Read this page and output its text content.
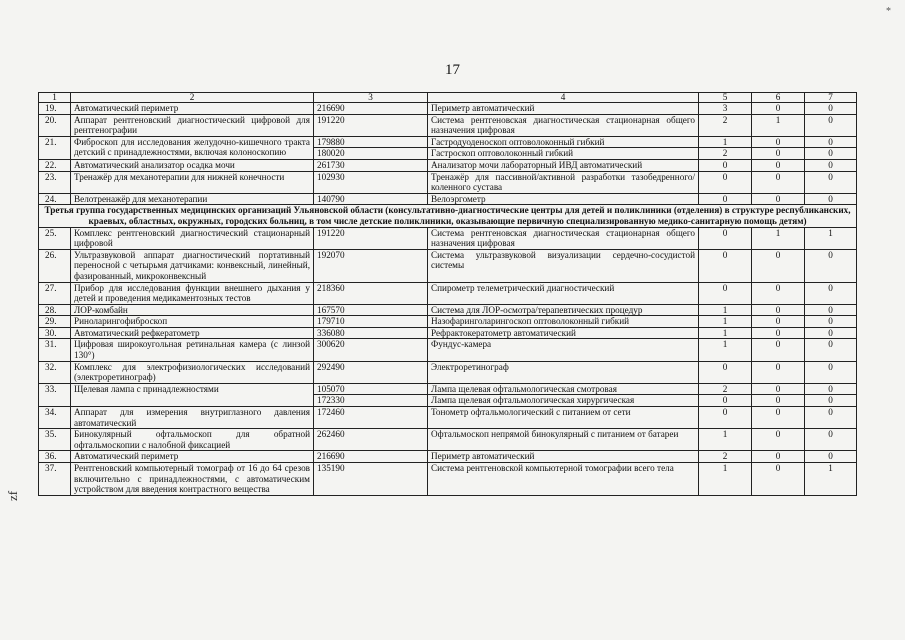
*
17
zf
1	2	3	4	5	6	7
19.	Автоматический периметр	216690	Периметр автоматический	3	0	0
20.	Аппарат рентгеновский диагностический цифровой для рентгенографии	191220	Система рентгеновская диагностическая стационарная общего назначения цифровая	2	1	0
21.	Фиброскоп для исследования желудочно-кишечного тракта детский с принадлежностями, включая колоноскопию	179880	Гастродуоденоскоп оптоволоконный гибкий	1	0	0
		180020	Гастроскоп оптоволоконный гибкий	2	0	0
22.	Автоматический анализатор осадка мочи	261730	Анализатор мочи лабораторный ИВД автоматический	0	0	0
23.	Тренажёр для механотерапии для нижней конечности	102930	Тренажёр для пассивной/активной разработки тазобедренного/коленного сустава	0	0	0
24.	Велотренажёр для механотерапии	140790	Велоэргометр	0	0	0
Третья группа государственных медицинских организаций Ульяновской области (консультативно-диагностические центры для детей и поликлиники (отделения) в структуре республиканских, краевых, областных, окружных, городских больниц, в том числе детские поликлиники, оказывающие первичную специализированную медико-санитарную помощь детям)						
25.	Комплекс рентгеновский диагностический стационарный цифровой	191220	Система рентгеновская диагностическая стационарная общего назначения цифровая	0	1	1
26.	Ультразвуковой аппарат диагностический портативный переносной с четырьмя датчиками: конвексный, линейный, фазированный, микроконвексный	192070	Система ультразвуковой визуализации сердечно-сосудистой системы	0	0	0
27.	Прибор для исследования функции внешнего дыхания у детей и проведения медикаментозных тестов	218360	Спирометр телеметрический диагностический	0	0	0
28.	ЛОР-комбайн	167570	Система для ЛОР-осмотра/терапевтических процедур	1	0	0
29.	Риноларингофиброскоп	179710	Назофаринголарингоскоп оптоволоконный гибкий	1	0	0
30.	Автоматический рефкератометр	336080	Рефрактокератометр автоматический	1	0	0
31.	Цифровая широкоугольная ретинальная камера (с линзой 130°)	300620	Фундус-камера	1	0	0
32.	Комплекс для электрофизиологических исследований (электроретинограф)	292490	Электроретинограф	0	0	0
33.	Щелевая лампа с принадлежностями	105070	Лампа щелевая офтальмологическая смотровая	2	0	0
		172330	Лампа щелевая офтальмологическая хирургическая	0	0	0
34.	Аппарат для измерения внутриглазного давления автоматический	172460	Тонометр офтальмологический с питанием от сети	0	0	0
35.	Бинокулярный офтальмоскоп для обратной офтальмоскопии с налобной фиксацией	262460	Офтальмоскоп непрямой бинокулярный с питанием от батареи	1	0	0
36.	Автоматический периметр	216690	Периметр автоматический	2	0	0
37.	Рентгеновский компьютерный томограф от 16 до 64 срезов включительно с принадлежностями, с автоматическим устройством для введения контрастного вещества	135190	Система рентгеновской компьютерной томографии всего тела	1	0	1
